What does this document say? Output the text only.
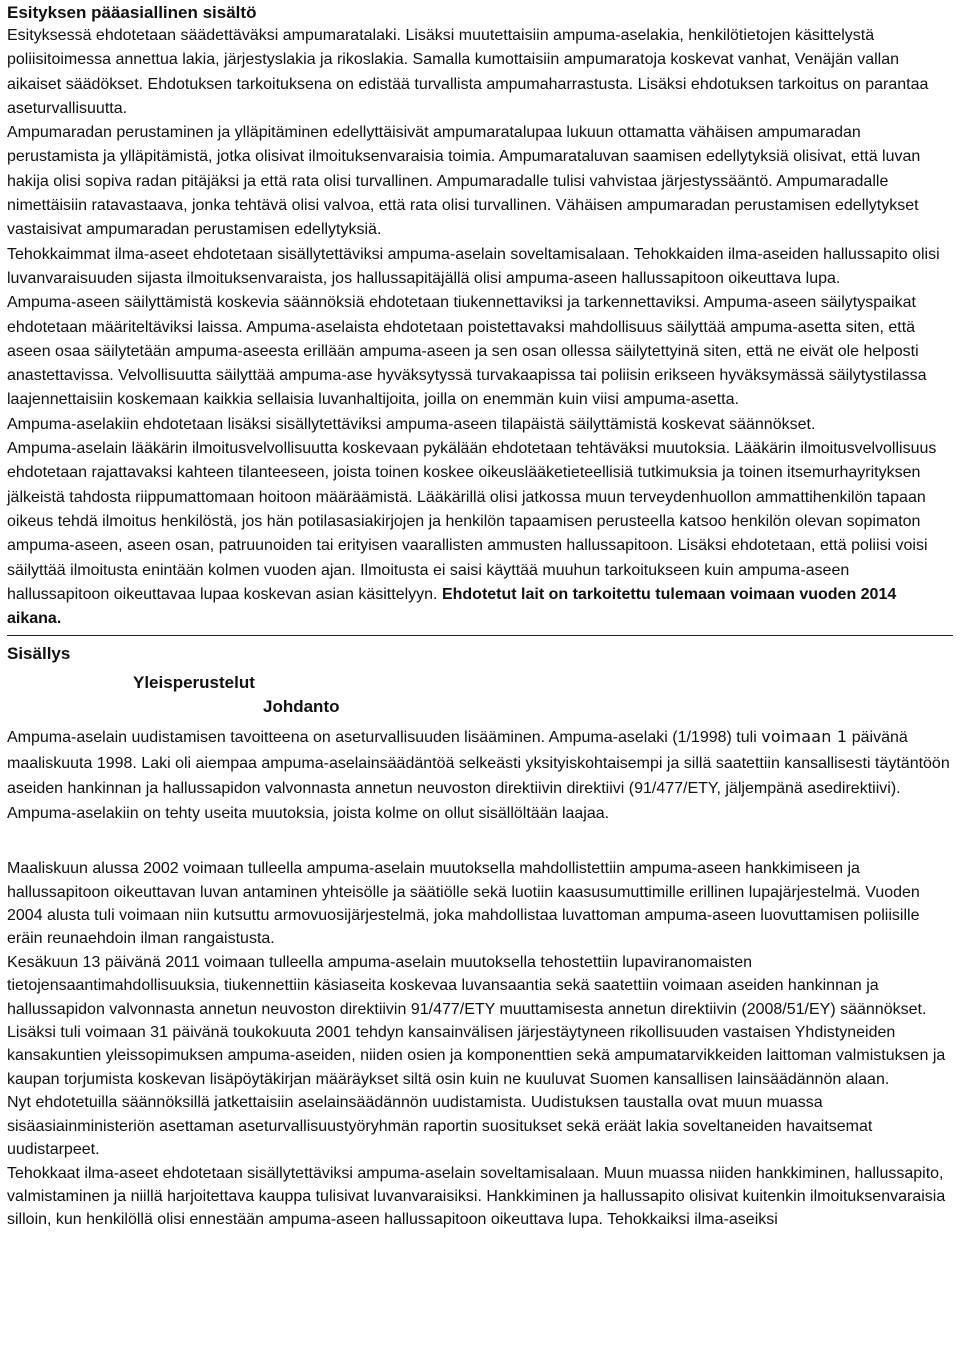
Esityksen pääasiallinen sisältö

Esityksessä ehdotetaan säädettäväksi ampumaratalaki. Lisäksi muutettaisiin ampuma-aselakia, henkilötietojen käsittelystä poliisitoimessa annettua lakia, järjestyslakia ja rikoslakia. Samalla kumottaisiin ampumaratoja koskevat vanhat, Venäjän vallan aikaiset säädökset. Ehdotuksen tarkoituksena on edistää turvallista ampumaharrastusta. Lisäksi ehdotuksen tarkoitus on parantaa aseturvallisuutta.

Ampumaradan perustaminen ja ylläpitäminen edellyttäisivät ampumaratalupaa lukuun ottamatta vähäisen ampumaradan perustamista ja ylläpitämistä, jotka olisivat ilmoituksenvaraisia toimia. Ampumarataluvan saamisen edellytyksiä olisivat, että luvan hakija olisi sopiva radan pitäjäksi ja että rata olisi turvallinen. Ampumaradalle tulisi vahvistaa järjestyssääntö. Ampumaradalle nimettäisiin ratavastaava, jonka tehtävä olisi valvoa, että rata olisi turvallinen. Vähäisen ampumaradan perustamisen edellytykset vastaisivat ampumaradan perustamisen edellytyksiä.

Tehokkaimmat ilma-aseet ehdotetaan sisällytettäviksi ampuma-aselain soveltamisalaan. Tehokkaiden ilma-aseiden hallussapito olisi luvanvaraisuuden sijasta ilmoituksenvaraista, jos hallussapitäjällä olisi ampuma-aseen hallussapitoon oikeuttava lupa.

Ampuma-aseen säilyttämistä koskevia säännöksiä ehdotetaan tiukennettaviksi ja tarkennettaviksi. Ampuma-aseen säilytyspaikat ehdotetaan määriteltäviksi laissa. Ampuma-aselaista ehdotetaan poistettavaksi mahdollisuus säilyttää ampuma-asetta siten, että aseen osaa säilytetään ampuma-aseesta erillään ampuma-aseen ja sen osan ollessa säilytettyinä siten, että ne eivät ole helposti anastettavissa. Velvollisuutta säilyttää ampuma-ase hyväksytyssä turvakaapissa tai poliisin erikseen hyväksymässä säilytystilassa laajennettaisiin koskemaan kaikkia sellaisia luvanhaltijoita, joilla on enemmän kuin viisi ampuma-asetta.

Ampuma-aselakiin ehdotetaan lisäksi sisällytettäviksi ampuma-aseen tilapäistä säilyttämistä koskevat säännökset.

Ampuma-aselain lääkärin ilmoitusvelvollisuutta koskevaan pykälään ehdotetaan tehtäväksi muutoksia. Lääkärin ilmoitusvelvollisuus ehdotetaan rajattavaksi kahteen tilanteeseen, joista toinen koskee oikeuslääketieteellisiä tutkimuksia ja toinen itsemurhayrityksen jälkeistä tahdosta riippumattomaan hoitoon määräämistä. Lääkärillä olisi jatkossa muun terveydenhuollon ammattihenkilön tapaan oikeus tehdä ilmoitus henkilöstä, jos hän potilasasiakirjojen ja henkilön tapaamisen perusteella katsoo henkilön olevan sopimaton ampuma-aseen, aseen osan, patruunoiden tai erityisen vaarallisten ammusten hallussapitoon. Lisäksi ehdotetaan, että poliisi voisi säilyttää ilmoitusta enintään kolmen vuoden ajan. Ilmoitusta ei saisi käyttää muuhun tarkoitukseen kuin ampuma-aseen hallussapitoon oikeuttavaa lupaa koskevan asian käsittelyyn. Ehdotetut lait on tarkoitettu tulemaan voimaan vuoden 2014 aikana.

Sisällys

Yleisperustelut

Johdanto

Ampuma-aselain uudistamisen tavoitteena on aseturvallisuuden lisääminen. Ampuma-aselaki (1/1998) tuli voimaan 1 päivänä maaliskuuta 1998. Laki oli aiempaa ampuma-aselainsäädäntöä selkeästi yksityiskohtaisempi ja sillä saatettiin kansallisesti täytäntöön aseiden hankinnan ja hallussapidon valvonnasta annetun neuvoston direktiivin direktiivi (91/477/ETY, jäljempänä asedirektiivi). Ampuma-aselakiin on tehty useita muutoksia, joista kolme on ollut sisällöltään laajaa.

Maaliskuun alussa 2002 voimaan tulleella ampuma-aselain muutoksella mahdollistettiin ampuma-aseen hankkimiseen ja hallussapitoon oikeuttavan luvan antaminen yhteisölle ja säätiölle sekä luotiin kaasusumuttimille erillinen lupajärjestelmä. Vuoden 2004 alusta tuli voimaan niin kutsuttu armovuosijärjestelmä, joka mahdollistaa luvattoman ampuma-aseen luovuttamisen poliisille eräin reunaehdoin ilman rangaistusta.

Kesäkuun 13 päivänä 2011 voimaan tulleella ampuma-aselain muutoksella tehostettiin lupaviranomaisten tietojensaantimahdollisuuksia, tiukennettiin käsiaseita koskevaa luvansaantia sekä saatettiin voimaan aseiden hankinnan ja hallussapidon valvonnasta annetun neuvoston direktiivin 91/477/ETY muuttamisesta annetun direktiivin (2008/51/EY) säännökset. Lisäksi tuli voimaan 31 päivänä toukokuuta 2001 tehdyn kansainvälisen järjestäytyneen rikollisuuden vastaisen Yhdistyneiden kansakuntien yleissopimuksen ampuma-aseiden, niiden osien ja komponenttien sekä ampumatarvikkeiden laittoman valmistuksen ja kaupan torjumista koskevan lisäpöytäkirjan määräykset siltä osin kuin ne kuuluvat Suomen kansallisen lainsäädännön alaan.

Nyt ehdotetuilla säännöksillä jatkettaisiin aselainsäädännön uudistamista. Uudistuksen taustalla ovat muun muassa sisäasiainministeriön asettaman aseturvallisuustyöryhmän raportin suositukset sekä eräät lakia soveltaneiden havaitsemat uudistarpeet.

Tehokkaat ilma-aseet ehdotetaan sisällytettäviksi ampuma-aselain soveltamisalaan. Muun muassa niiden hankkiminen, hallussapito, valmistaminen ja niillä harjoitettava kauppa tulisivat luvanvaraisiksi. Hankkiminen ja hallussapito olisivat kuitenkin ilmoituksenvaraisia silloin, kun henkilöllä olisi ennestään ampuma-aseen hallussapitoon oikeuttava lupa. Tehokkaiksi ilma-aseiksi
